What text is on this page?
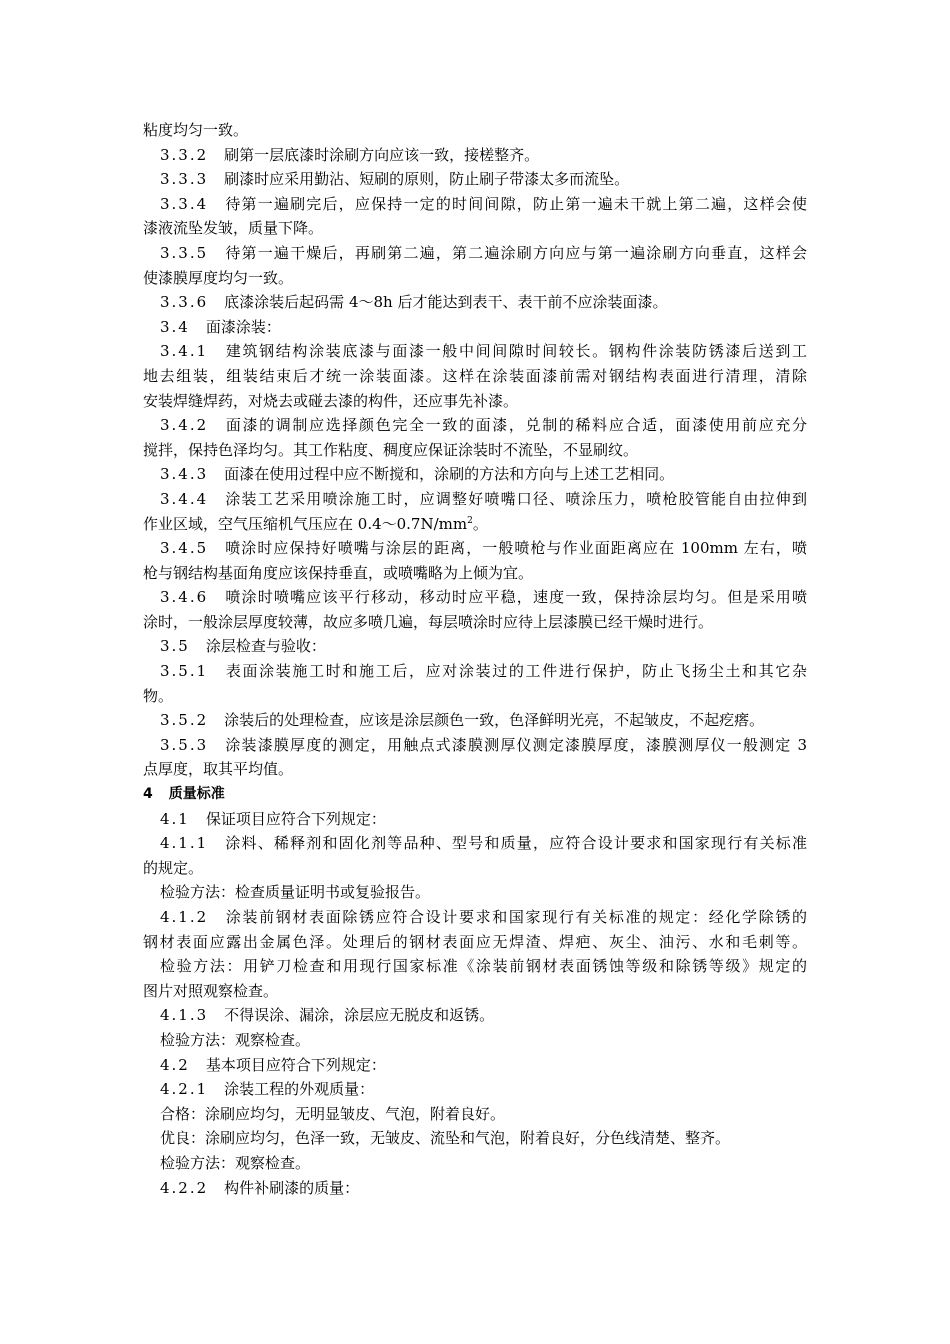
粘度均匀一致。
3.3.2 刷第一层底漆时涂刷方向应该一致，接槎整齐。
3.3.3 刷漆时应采用勤沾、短刷的原则，防止刷子带漆太多而流坠。
3.3.4 待第一遍刷完后，应保持一定的时间间隙，防止第一遍未干就上第二遍，这样会使
漆液流坠发皱，质量下降。
3.3.5 待第一遍干燥后，再刷第二遍，第二遍涂刷方向应与第一遍涂刷方向垂直，这样会
使漆膜厚度均匀一致。
3.3.6 底漆涂装后起码需 4～8h 后才能达到表干、表干前不应涂装面漆。
3.4 面漆涂装：
3.4.1 建筑钢结构涂装底漆与面漆一般中间间隙时间较长。钢构件涂装防锈漆后送到工
地去组装，组装结束后才统一涂装面漆。这样在涂装面漆前需对钢结构表面进行清理，清除
安装焊缝焊药，对烧去或碰去漆的构件，还应事先补漆。
3.4.2 面漆的调制应选择颜色完全一致的面漆，兑制的稀料应合适，面漆使用前应充分
搅拌，保持色泽均匀。其工作粘度、稠度应保证涂装时不流坠，不显刷纹。
3.4.3 面漆在使用过程中应不断搅和，涂刷的方法和方向与上述工艺相同。
3.4.4 涂装工艺采用喷涂施工时，应调整好喷嘴口径、喷涂压力，喷枪胶管能自由拉伸到
作业区域，空气压缩机气压应在 $0.4\sim 0.7N/mm^2$。
3.4.5 喷涂时应保持好喷嘴与涂层的距离，一般喷枪与作业面距离应在 100mm 左右，喷
枪与钢结构基面角度应该保持垂直，或喷嘴略为上倾为宜。
3.4.6 喷涂时喷嘴应该平行移动，移动时应平稳，速度一致，保持涂层均匀。但是采用喷
涂时，一般涂层厚度较薄，故应多喷几遍，每层喷涂时应待上层漆膜已经干燥时进行。
3.5 涂层检查与验收：
3.5.1 表面涂装施工时和施工后，应对涂装过的工件进行保护，防止飞扬尘土和其它杂
物。
3.5.2 涂装后的处理检查，应该是涂层颜色一致，色泽鲜明光亮，不起皱皮，不起疙瘩。
3.5.3 涂装漆膜厚度的测定，用触点式漆膜测厚仪测定漆膜厚度，漆膜测厚仪一般测定 3
点厚度，取其平均值。
4 质量标准
4.1 保证项目应符合下列规定：
4.1.1 涂料、稀释剂和固化剂等品种、型号和质量，应符合设计要求和国家现行有关标准
的规定。
检验方法：检查质量证明书或复验报告。
4.1.2 涂装前钢材表面除锈应符合设计要求和国家现行有关标准的规定：经化学除锈的
钢材表面应露出金属色泽。处理后的钢材表面应无焊渣、焊疤、灰尘、油污、水和毛刺等。
检验方法：用铲刀检查和用现行国家标准《涂装前钢材表面锈蚀等级和除锈等级》规定的
图片对照观察检查。
4.1.3 不得误涂、漏涂，涂层应无脱皮和返锈。
检验方法：观察检查。
4.2 基本项目应符合下列规定：
4.2.1 涂装工程的外观质量：
合格：涂刷应均匀，无明显皱皮、气泡，附着良好。
优良：涂刷应均匀，色泽一致，无皱皮、流坠和气泡，附着良好，分色线清楚、整齐。
检验方法：观察检查。
4.2.2 构件补刷漆的质量：
